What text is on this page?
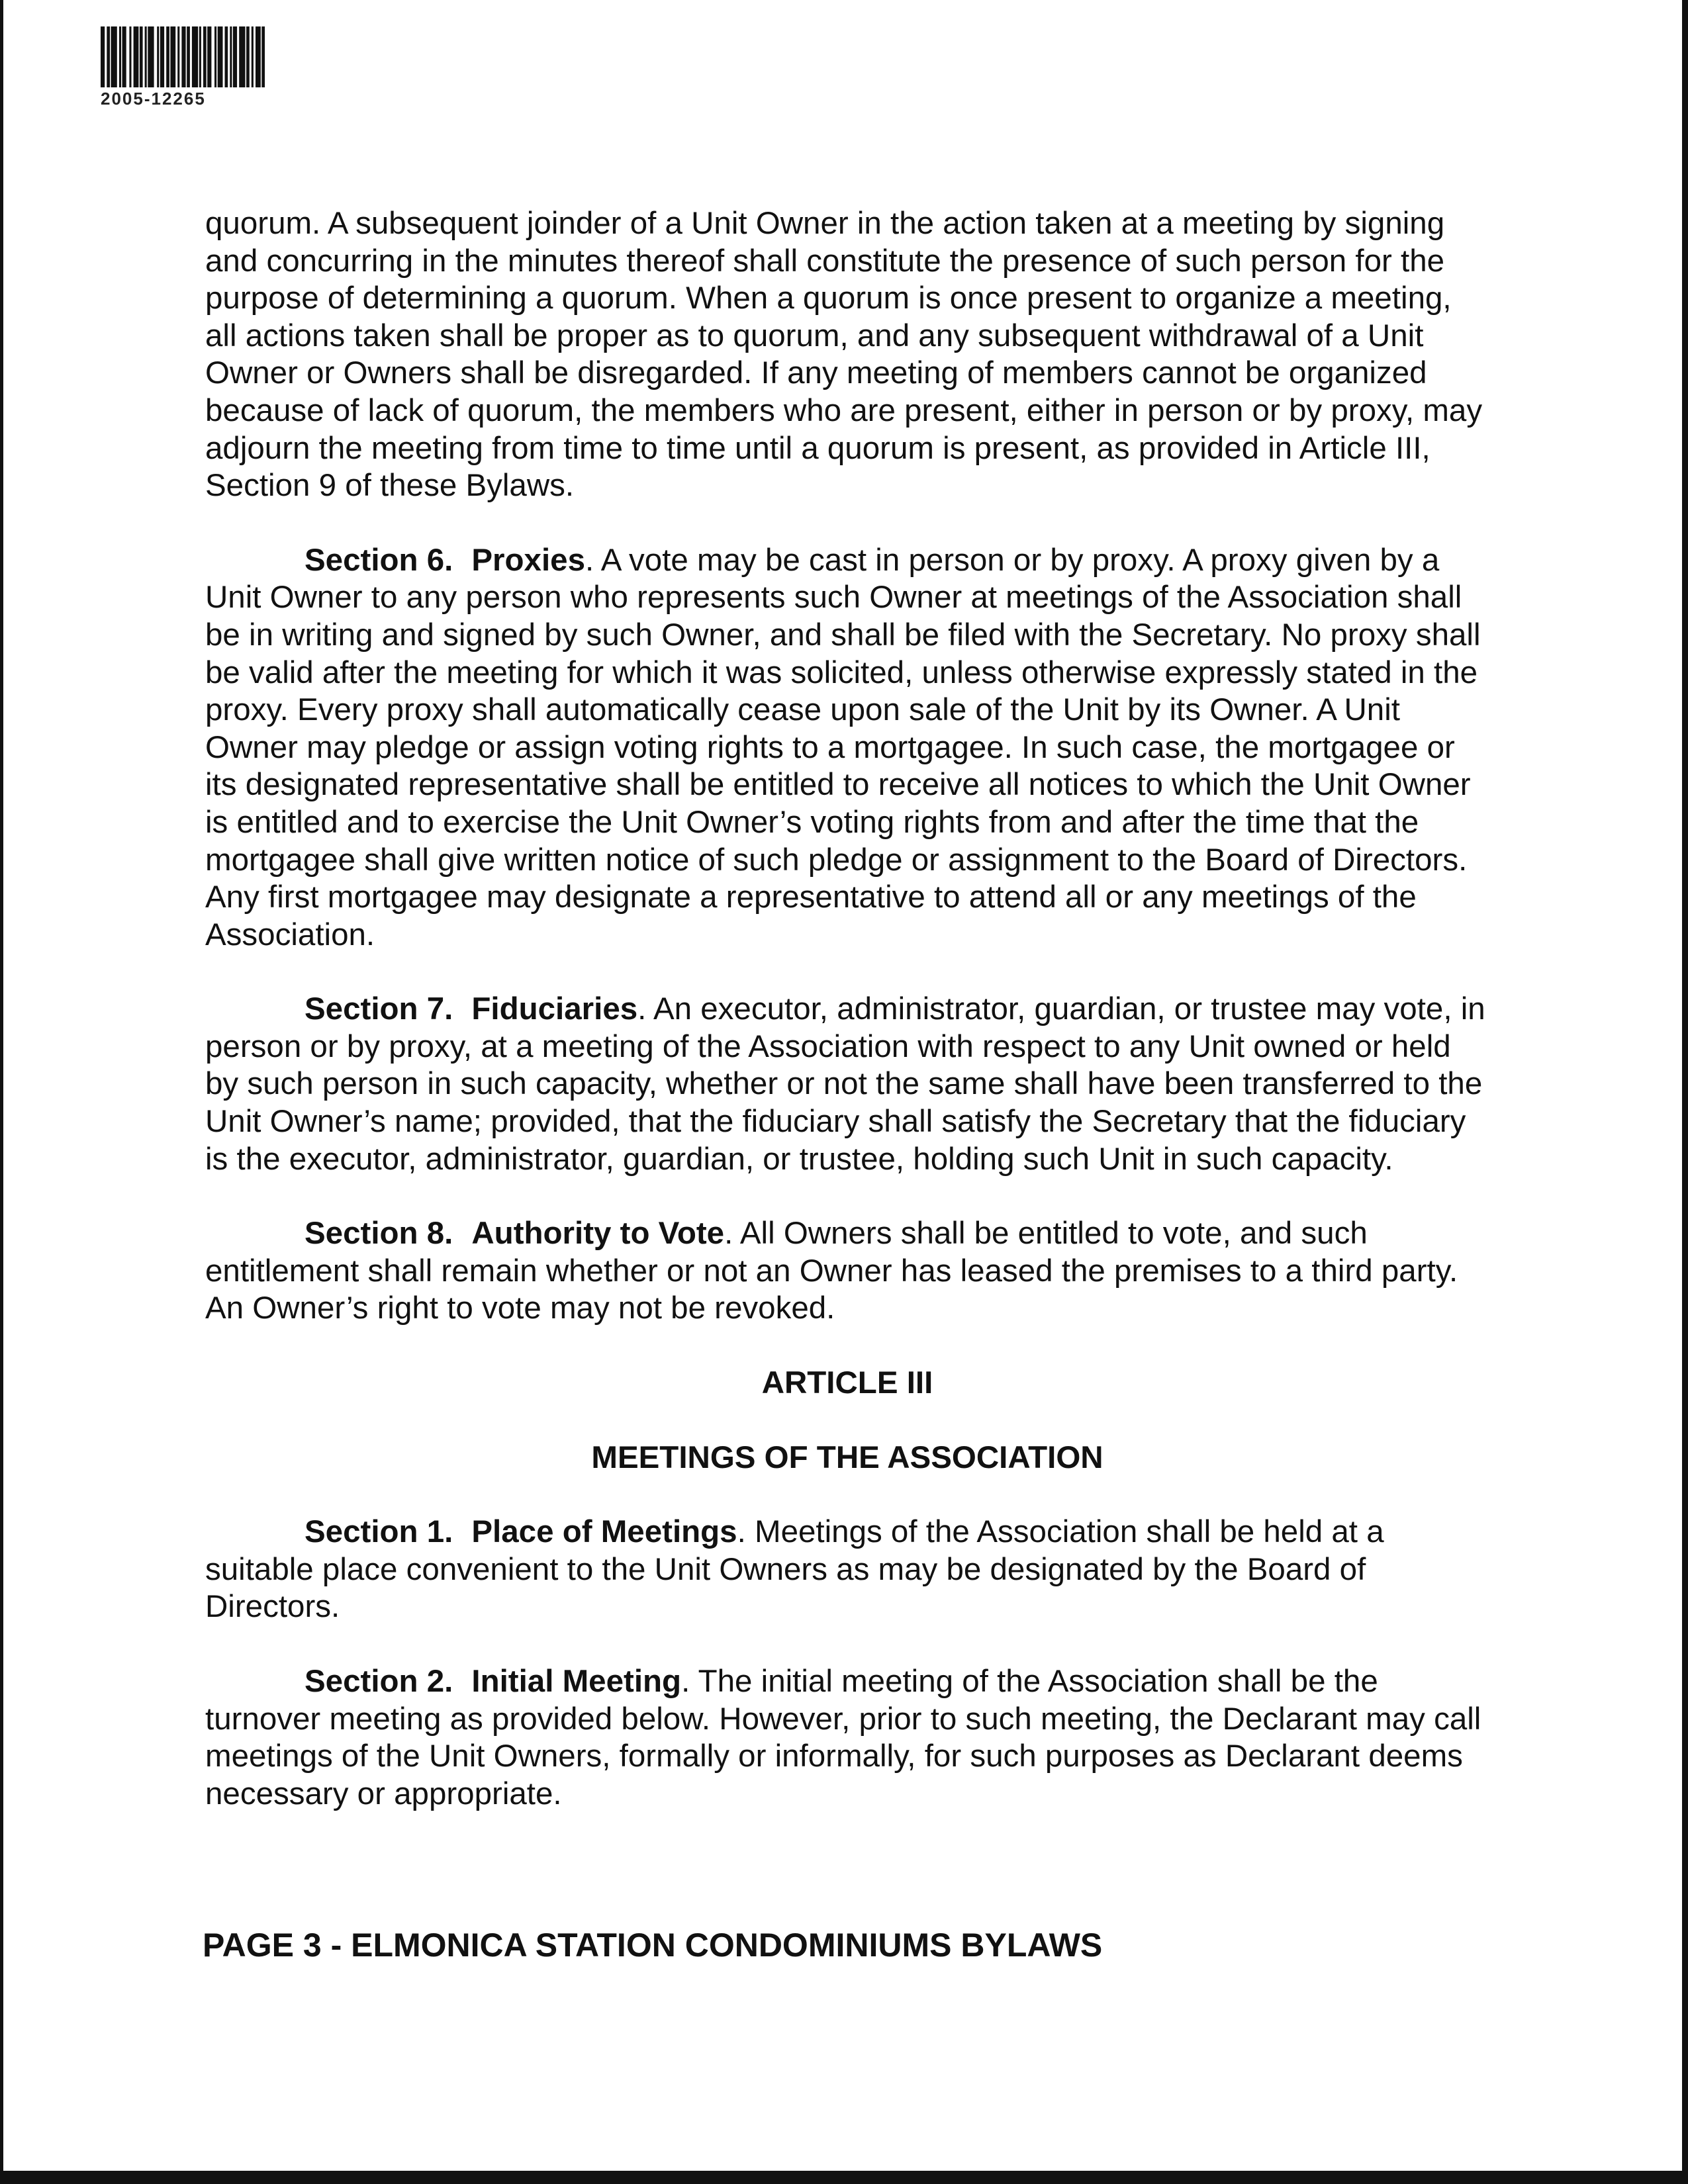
2005-12265

quorum. A subsequent joinder of a Unit Owner in the action taken at a meeting by signing and concurring in the minutes thereof shall constitute the presence of such person for the purpose of determining a quorum. When a quorum is once present to organize a meeting, all actions taken shall be proper as to quorum, and any subsequent withdrawal of a Unit Owner or Owners shall be disregarded. If any meeting of members cannot be organized because of lack of quorum, the members who are present, either in person or by proxy, may adjourn the meeting from time to time until a quorum is present, as provided in Article III, Section 9 of these Bylaws.

Section 6. Proxies. A vote may be cast in person or by proxy. A proxy given by a Unit Owner to any person who represents such Owner at meetings of the Association shall be in writing and signed by such Owner, and shall be filed with the Secretary. No proxy shall be valid after the meeting for which it was solicited, unless otherwise expressly stated in the proxy. Every proxy shall automatically cease upon sale of the Unit by its Owner. A Unit Owner may pledge or assign voting rights to a mortgagee. In such case, the mortgagee or its designated representative shall be entitled to receive all notices to which the Unit Owner is entitled and to exercise the Unit Owner’s voting rights from and after the time that the mortgagee shall give written notice of such pledge or assignment to the Board of Directors. Any first mortgagee may designate a representative to attend all or any meetings of the Association.

Section 7. Fiduciaries. An executor, administrator, guardian, or trustee may vote, in person or by proxy, at a meeting of the Association with respect to any Unit owned or held by such person in such capacity, whether or not the same shall have been transferred to the Unit Owner’s name; provided, that the fiduciary shall satisfy the Secretary that the fiduciary is the executor, administrator, guardian, or trustee, holding such Unit in such capacity.

Section 8. Authority to Vote. All Owners shall be entitled to vote, and such entitlement shall remain whether or not an Owner has leased the premises to a third party. An Owner’s right to vote may not be revoked.

ARTICLE III
MEETINGS OF THE ASSOCIATION

Section 1. Place of Meetings. Meetings of the Association shall be held at a suitable place convenient to the Unit Owners as may be designated by the Board of Directors.

Section 2. Initial Meeting. The initial meeting of the Association shall be the turnover meeting as provided below. However, prior to such meeting, the Declarant may call meetings of the Unit Owners, formally or informally, for such purposes as Declarant deems necessary or appropriate.

PAGE 3 - ELMONICA STATION CONDOMINIUMS BYLAWS
